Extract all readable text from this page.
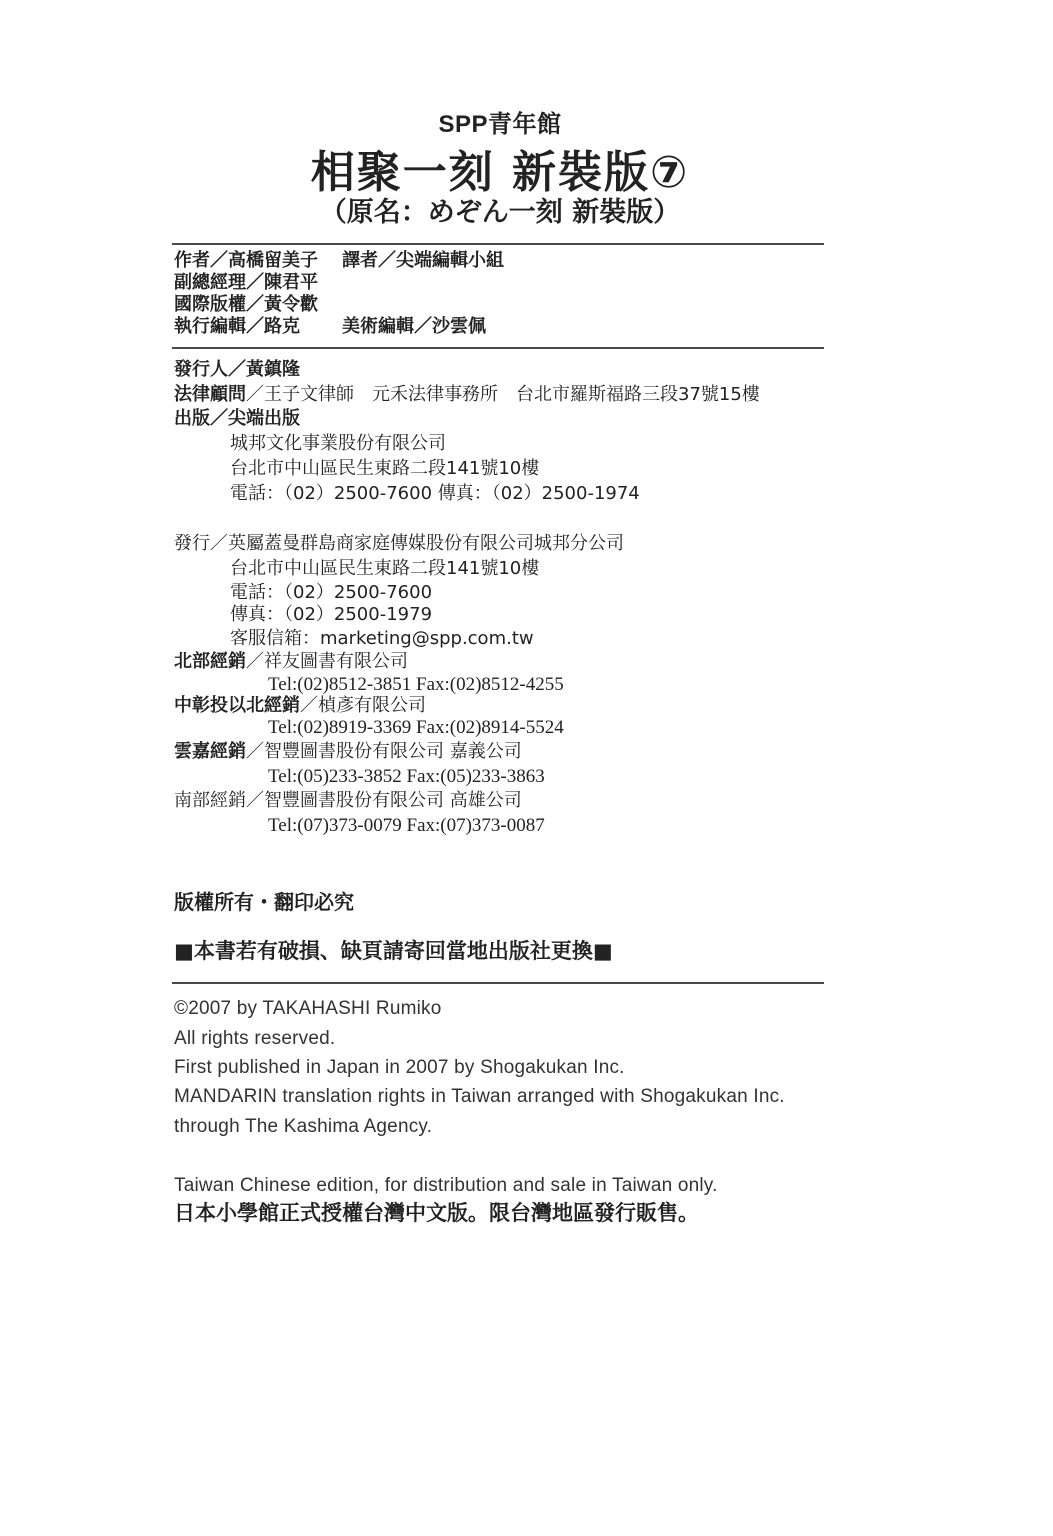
SPP青年館
相聚一刻 新裝版⑦
（原名：めぞん一刻 新裝版）
作者／高橋留美子 譯者／尖端編輯小組
副總經理／陳君平
國際版權／黃令歡
執行編輯／路克 美術編輯／沙雲佩
發行人／黃鎮隆
法律顧問／王子文律師　元禾法律事務所　台北市羅斯福路三段37號15樓
出版／尖端出版
城邦文化事業股份有限公司
台北市中山區民生東路二段141號10樓
電話：（02）2500-7600 傳真：（02）2500-1974
發行／英屬蓋曼群島商家庭傳媒股份有限公司城邦分公司
台北市中山區民生東路二段141號10樓
電話：（02）2500-7600
傳真：（02）2500-1979
客服信箱：marketing@spp.com.tw
北部經銷／祥友圖書有限公司
Tel:(02)8512-3851 Fax:(02)8512-4255
中彰投以北經銷／楨彥有限公司
Tel:(02)8919-3369 Fax:(02)8914-5524
雲嘉經銷／智豐圖書股份有限公司 嘉義公司
Tel:(05)233-3852 Fax:(05)233-3863
南部經銷／智豐圖書股份有限公司 高雄公司
Tel:(07)373-0079 Fax:(07)373-0087
版權所有・翻印必究
■本書若有破損、缺頁請寄回當地出版社更換■
©2007 by TAKAHASHI Rumiko
All rights reserved.
First published in Japan in 2007 by Shogakukan Inc.
MANDARIN translation rights in Taiwan arranged with Shogakukan Inc.
through The Kashima Agency.
Taiwan Chinese edition, for distribution and sale in Taiwan only.
日本小學館正式授權台灣中文版。限台灣地區發行販售。
